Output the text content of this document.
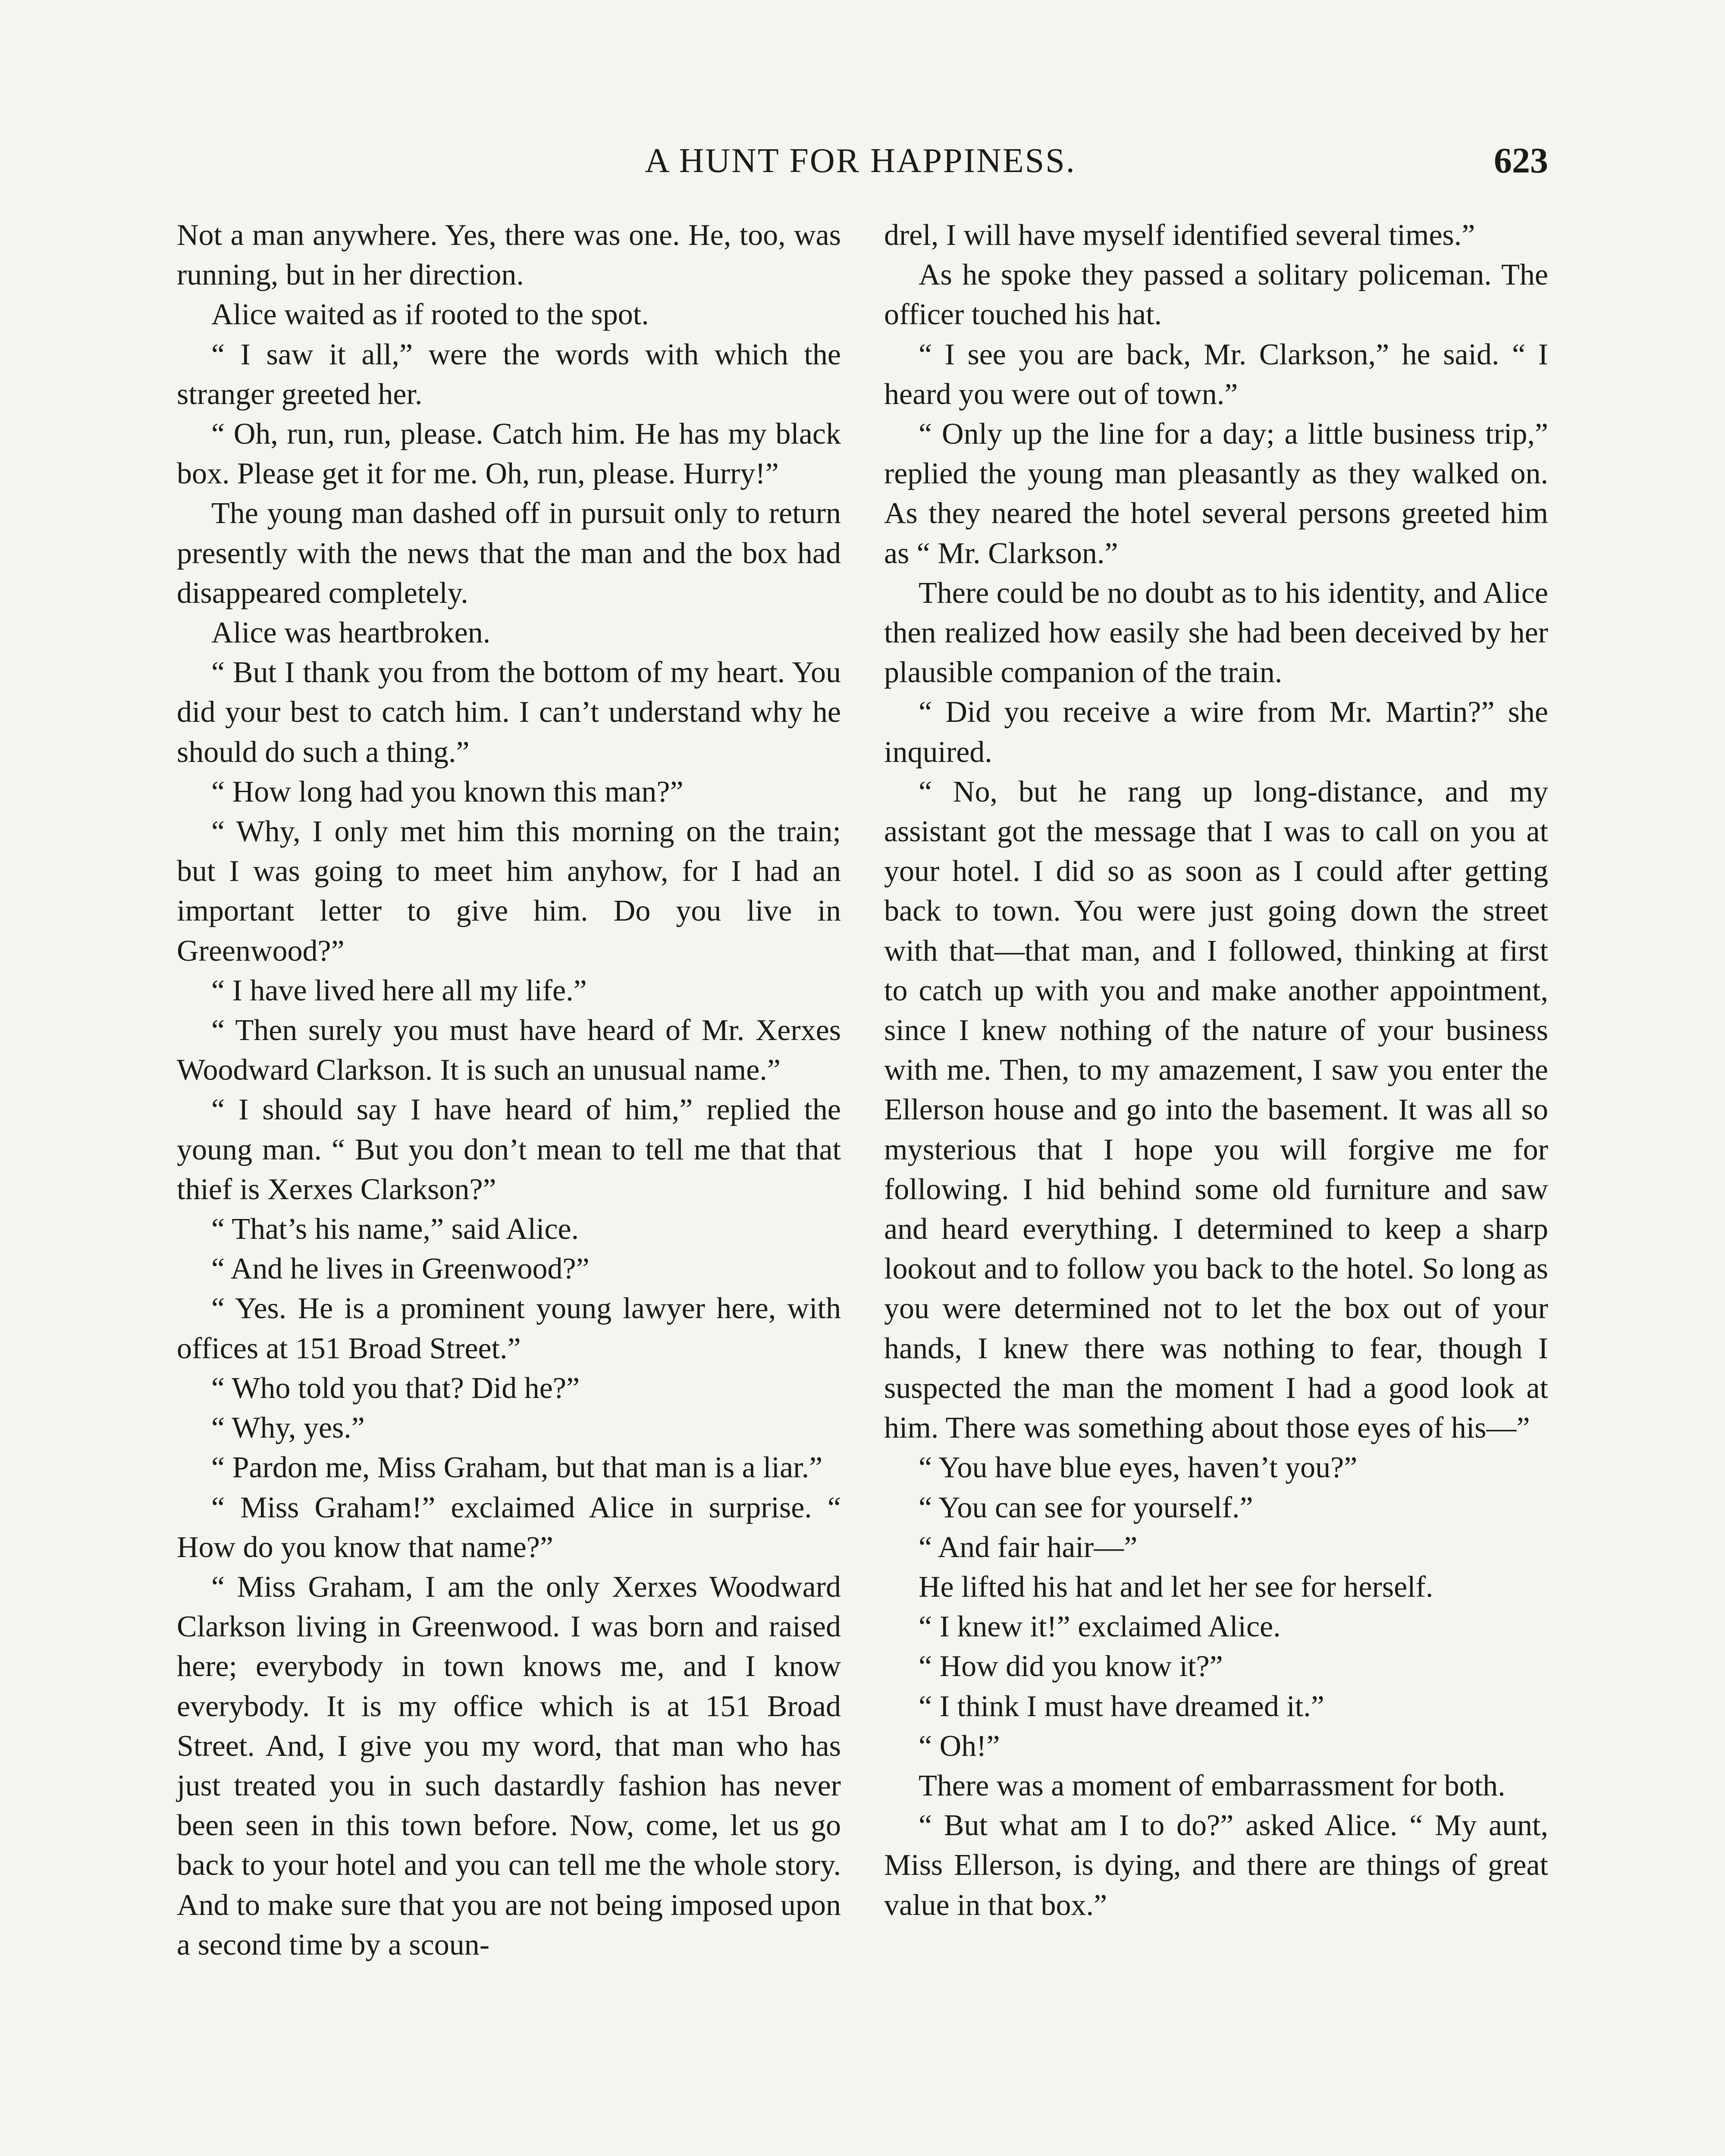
A HUNT FOR HAPPINESS.	623

Not a man anywhere. Yes, there was one. He, too, was running, but in her direction.

Alice waited as if rooted to the spot.

“ I saw it all,” were the words with which the stranger greeted her.

“ Oh, run, run, please. Catch him. He has my black box. Please get it for me. Oh, run, please. Hurry!”

The young man dashed off in pursuit only to return presently with the news that the man and the box had disappeared completely.

Alice was heartbroken.

“ But I thank you from the bottom of my heart. You did your best to catch him. I can’t understand why he should do such a thing.”

“ How long had you known this man?”

“ Why, I only met him this morning on the train; but I was going to meet him anyhow, for I had an important letter to give him. Do you live in Greenwood?”

“ I have lived here all my life.”

“ Then surely you must have heard of Mr. Xerxes Woodward Clarkson. It is such an unusual name.”

“ I should say I have heard of him,” replied the young man. “ But you don’t mean to tell me that that thief is Xerxes Clarkson?”

“ That’s his name,” said Alice.

“ And he lives in Greenwood?”

“ Yes. He is a prominent young lawyer here, with offices at 151 Broad Street.”

“ Who told you that? Did he?”

“ Why, yes.”

“ Pardon me, Miss Graham, but that man is a liar.”

“ Miss Graham!” exclaimed Alice in surprise. “ How do you know that name?”

“ Miss Graham, I am the only Xerxes Woodward Clarkson living in Greenwood. I was born and raised here; everybody in town knows me, and I know everybody. It is my office which is at 151 Broad Street. And, I give you my word, that man who has just treated you in such dastardly fashion has never been seen in this town before. Now, come, let us go back to your hotel and you can tell me the whole story. And to make sure that you are not being imposed upon a second time by a scoun-

drel, I will have myself identified several times.”

As he spoke they passed a solitary policeman. The officer touched his hat.

“ I see you are back, Mr. Clarkson,” he said. “ I heard you were out of town.”

“ Only up the line for a day; a little business trip,” replied the young man pleasantly as they walked on. As they neared the hotel several persons greeted him as “ Mr. Clarkson.”

There could be no doubt as to his identity, and Alice then realized how easily she had been deceived by her plausible companion of the train.

“ Did you receive a wire from Mr. Martin?” she inquired.

“ No, but he rang up long-distance, and my assistant got the message that I was to call on you at your hotel. I did so as soon as I could after getting back to town. You were just going down the street with that—that man, and I followed, thinking at first to catch up with you and make another appointment, since I knew nothing of the nature of your business with me. Then, to my amazement, I saw you enter the Ellerson house and go into the basement. It was all so mysterious that I hope you will forgive me for following. I hid behind some old furniture and saw and heard everything. I determined to keep a sharp lookout and to follow you back to the hotel. So long as you were determined not to let the box out of your hands, I knew there was nothing to fear, though I suspected the man the moment I had a good look at him. There was something about those eyes of his—”

“ You have blue eyes, haven’t you?”

“ You can see for yourself.”

“ And fair hair—”

He lifted his hat and let her see for herself.

“ I knew it!” exclaimed Alice.

“ How did you know it?”

“ I think I must have dreamed it.”

“ Oh!”

There was a moment of embarrassment for both.

“ But what am I to do?” asked Alice. “ My aunt, Miss Ellerson, is dying, and there are things of great value in that box.”
